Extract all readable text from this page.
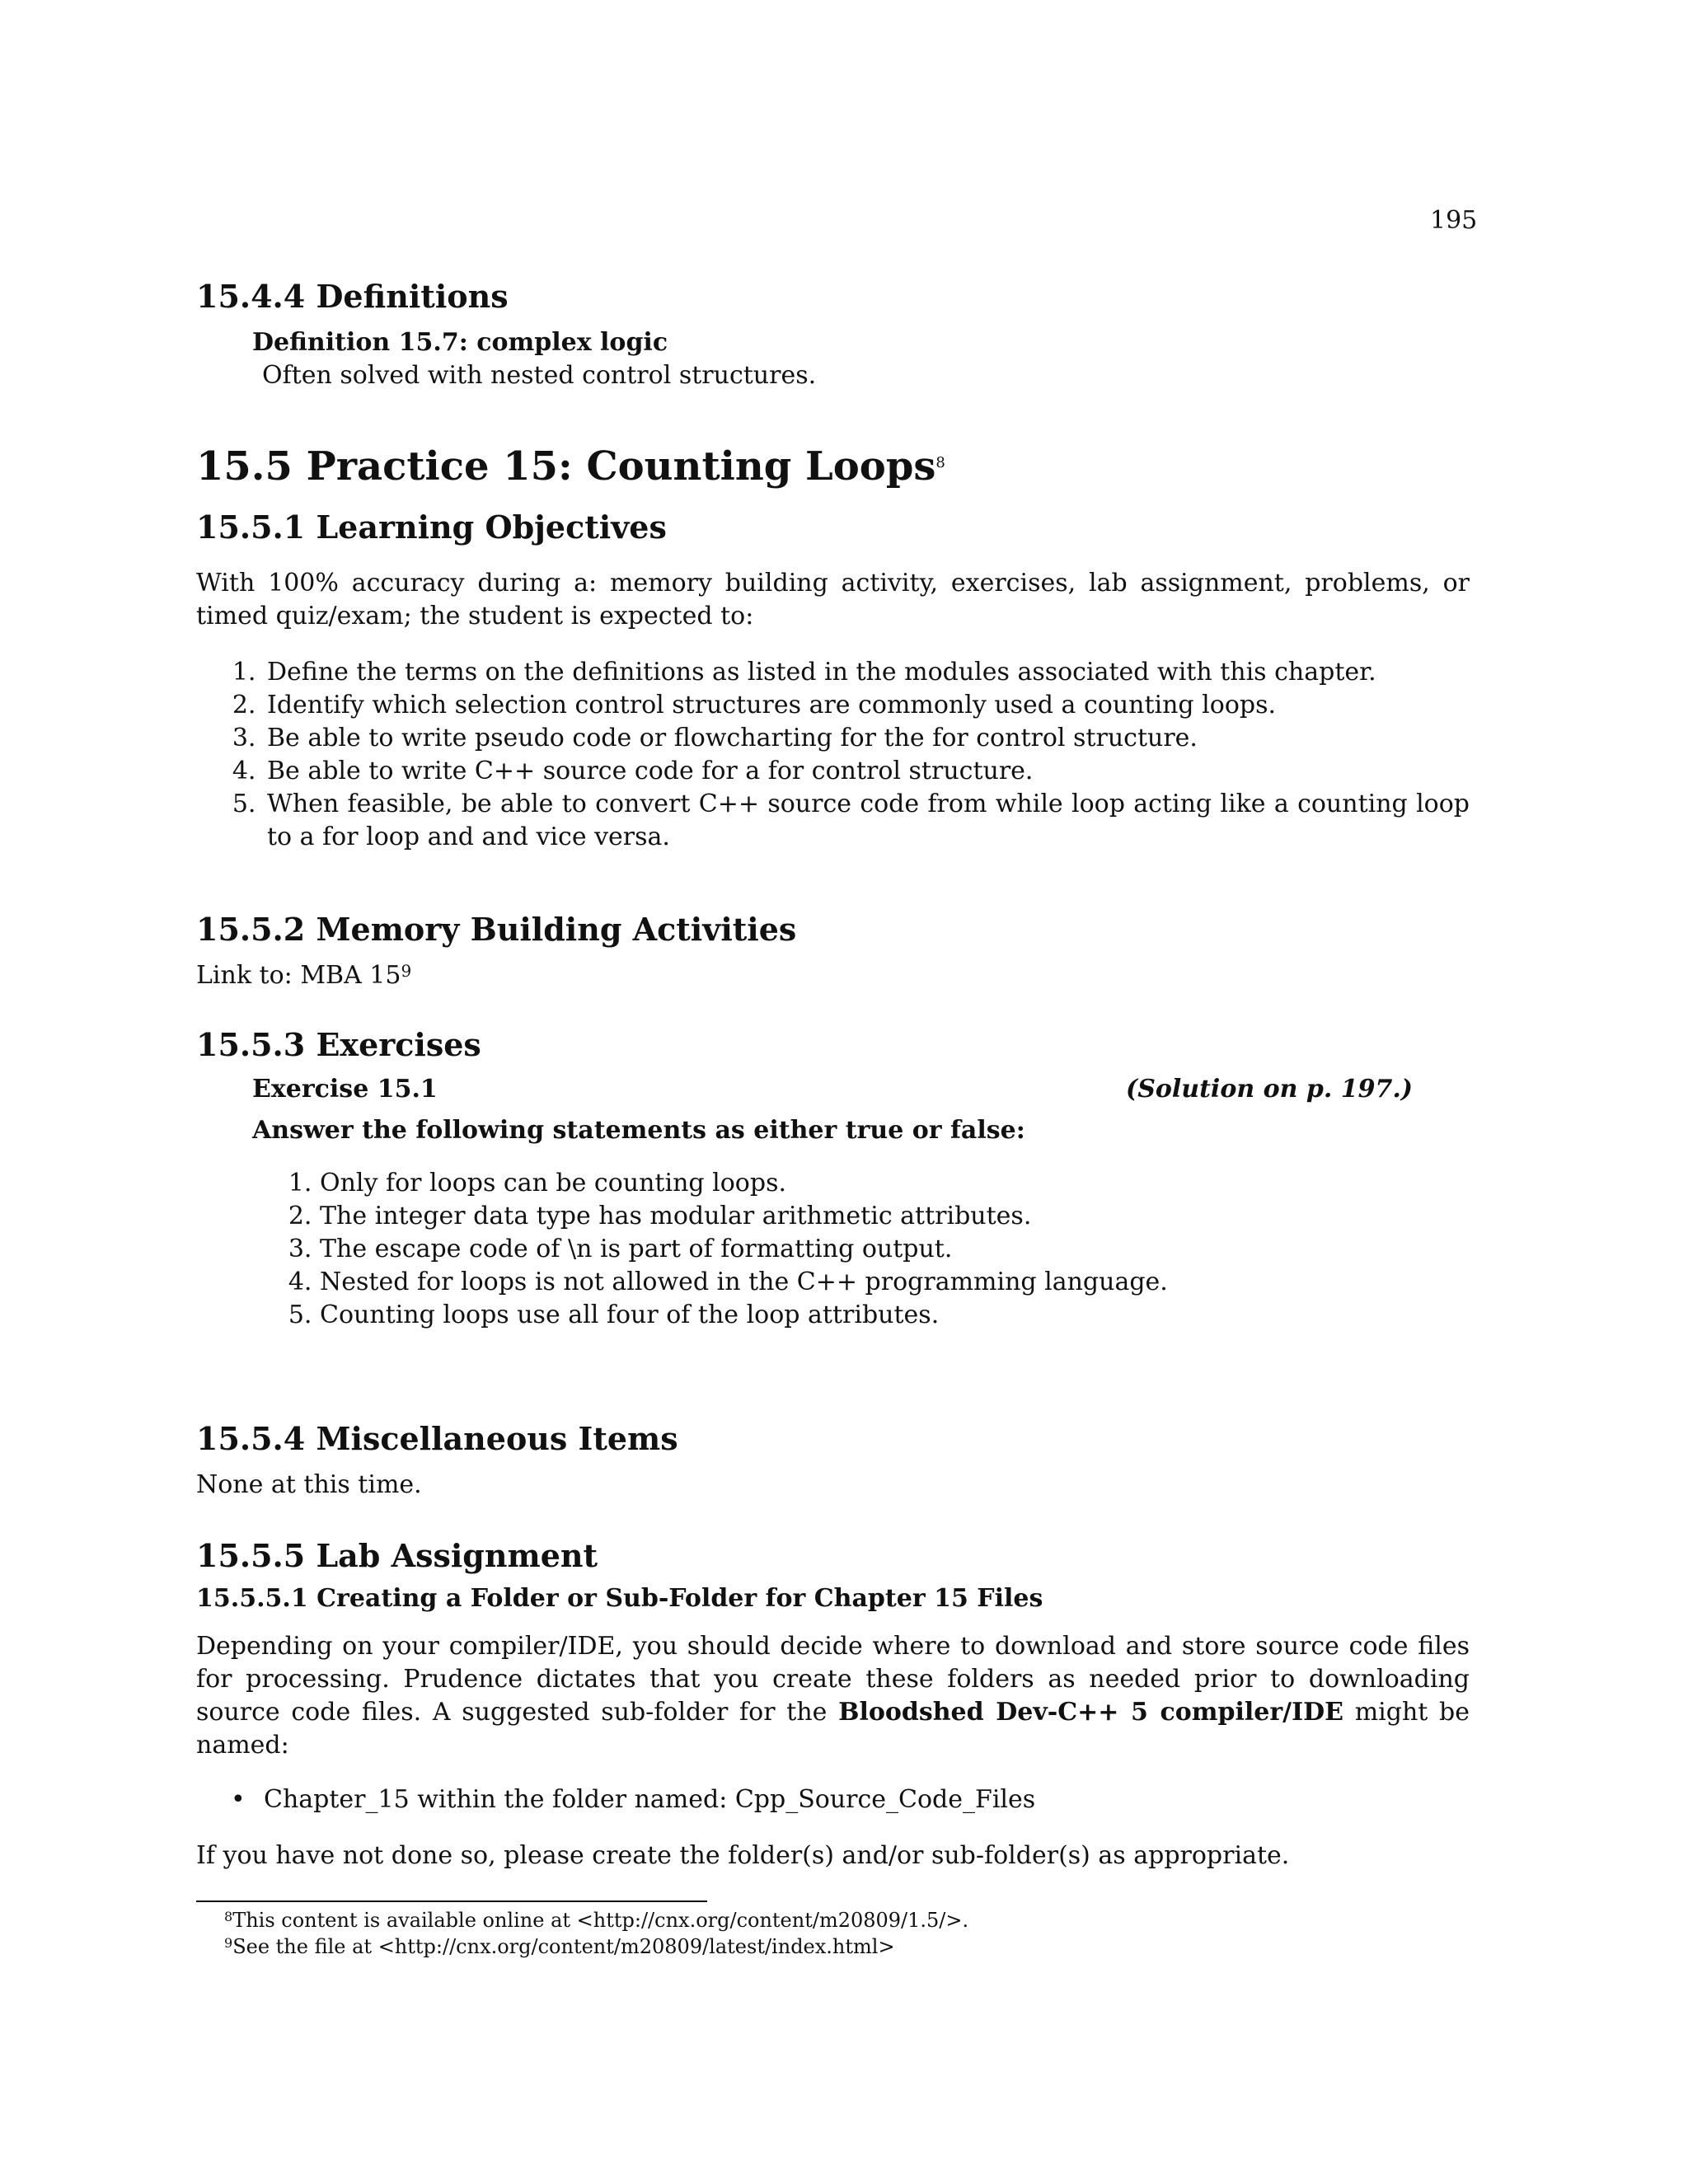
195
15.4.4 Definitions
Definition 15.7: complex logic
Often solved with nested control structures.
15.5 Practice 15: Counting Loops$^8$
15.5.1 Learning Objectives

With 100% accuracy during a: memory building activity, exercises, lab assignment, problems, or timed quiz/exam; the student is expected to:

1. Define the terms on the definitions as listed in the modules associated with this chapter.
2. Identify which selection control structures are commonly used a counting loops.
3. Be able to write pseudo code or flowcharting for the for control structure.
4. Be able to write C++ source code for a for control structure.
5. When feasible, be able to convert C++ source code from while loop acting like a counting loop to a for loop and and vice versa.
15.5.2 Memory Building Activities

Link to: MBA $15^9$

15.5.3 Exercises
Exercise 15.1	(Solution on p. 197.)
Answer the following statements as either true or false:
1. Only for loops can be counting loops.
2. The integer data type has modular arithmetic attributes.
3. The escape code of \n is part of formatting output.
4. Nested for loops is not allowed in the C++ programming language.
5. Counting loops use all four of the loop attributes.
15.5.4 Miscellaneous Items

None at this time.

15.5.5 Lab Assignment
15.5.5.1 Creating a Folder or Sub-Folder for Chapter 15 Files

Depending on your compiler/IDE, you should decide where to download and store source code files for processing. Prudence dictates that you create these folders as needed prior to downloading source code files. A suggested sub-folder for the Bloodshed Dev-C++ 5 compiler/IDE might be named:

• Chapter_15 within the folder named: Cpp_Source_Code_Files

If you have not done so, please create the folder(s) and/or sub-folder(s) as appropriate.

$^8$This content is available online at <http://cnx.org/content/m20809/1.5/>.
$^9$See the file at <http://cnx.org/content/m20809/latest/index.html>
